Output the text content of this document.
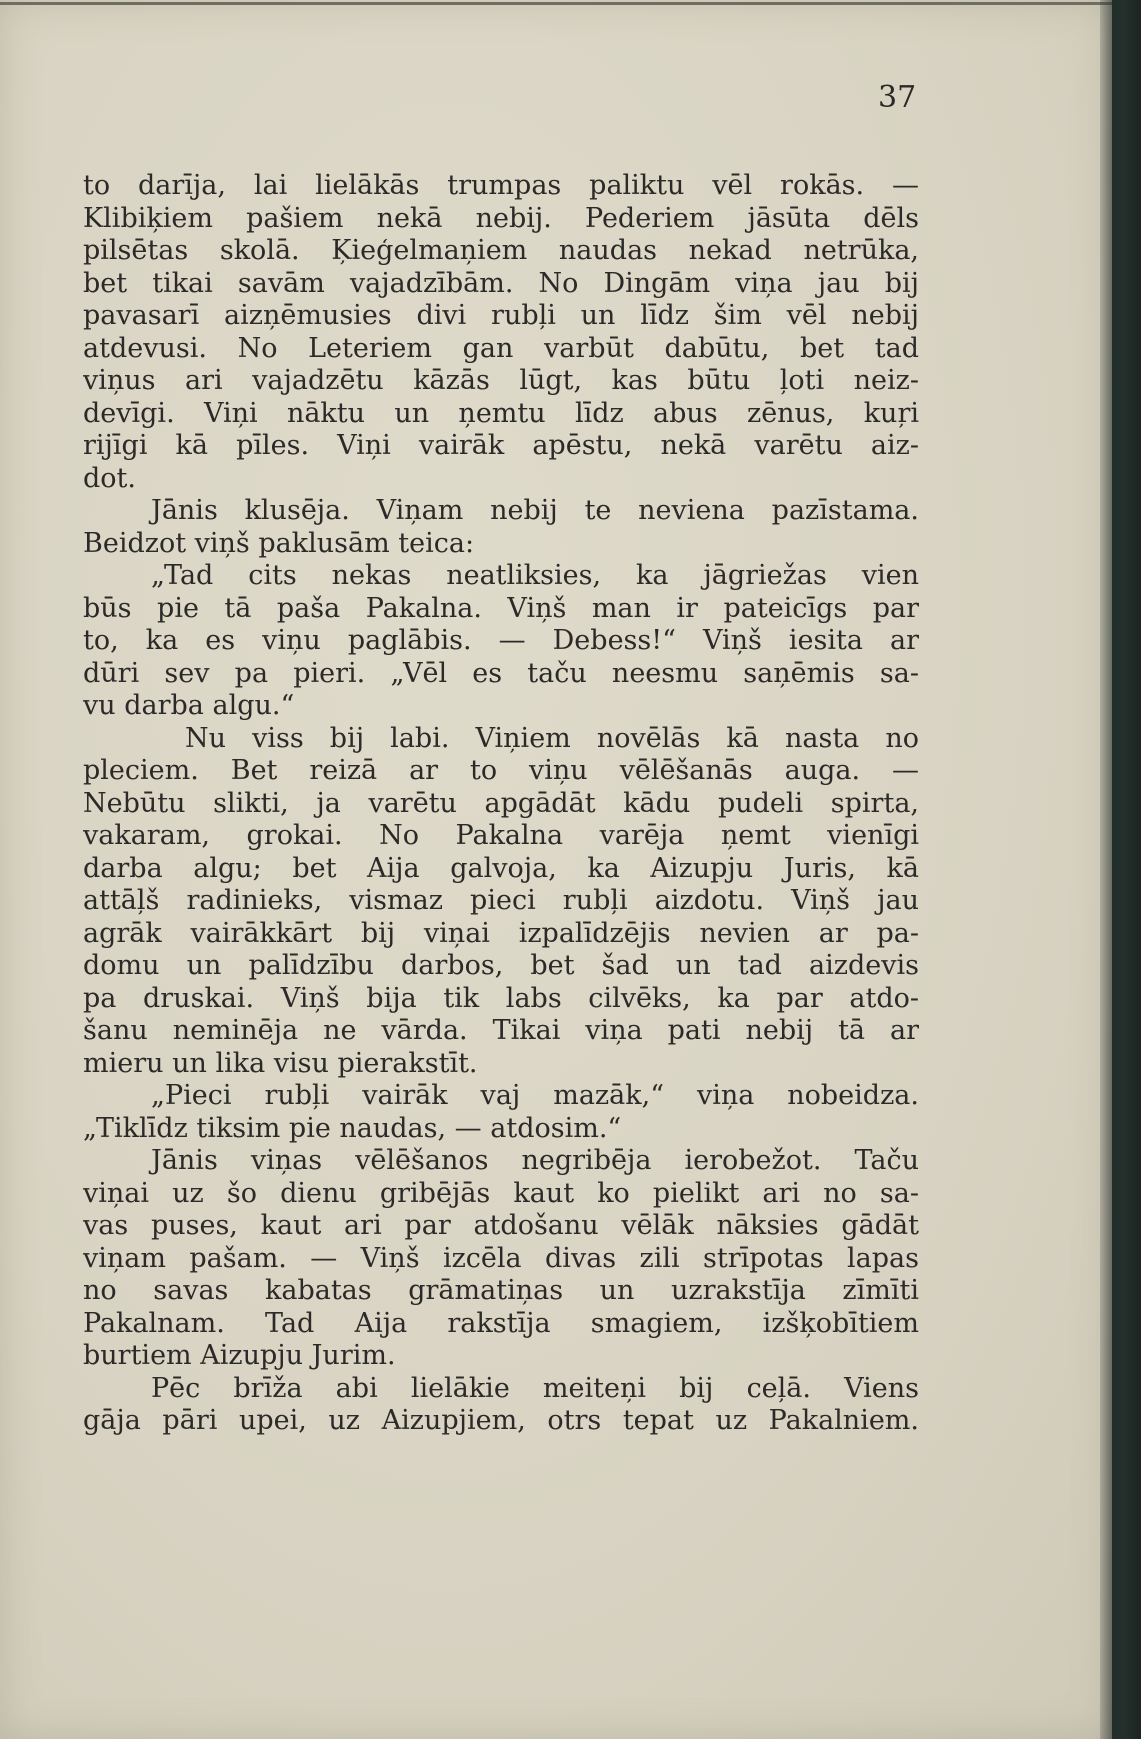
37
to darīja, lai lielākās trumpas paliktu vēl rokās. —
Klibiķiem pašiem nekā nebij. Pederiem jāsūta dēls
pilsētas skolā. Ķieģelmaņiem naudas nekad netrūka,
bet tikai savām vajadzībām. No Dingām viņa jau bij
pavasarī aizņēmusies divi rubļi un līdz šim vēl nebij
atdevusi. No Leteriem gan varbūt dabūtu, bet tad
viņus ari vajadzētu kāzās lūgt, kas būtu ļoti neiz-
devīgi. Viņi nāktu un ņemtu līdz abus zēnus, kuŗi
rijīgi kā pīles. Viņi vairāk apēstu, nekā varētu aiz-
dot.
Jānis klusēja. Viņam nebij te neviena pazīstama.
Beidzot viņš paklusām teica:
„Tad cits nekas neatliksies, ka jāgriežas vien
būs pie tā paša Pakalna. Viņš man ir pateicīgs par
to, ka es viņu paglābis. — Debess!“ Viņš iesita ar
dūri sev pa pieri. „Vēl es taču neesmu saņēmis sa-
vu darba algu.“
Nu viss bij labi. Viņiem novēlās kā nasta no
pleciem. Bet reizā ar to viņu vēlēšanās auga. —
Nebūtu slikti, ja varētu apgādāt kādu pudeli spirta,
vakaram, grokai. No Pakalna varēja ņemt vienīgi
darba algu; bet Aija galvoja, ka Aizupju Juris, kā
attāļš radinieks, vismaz pieci rubļi aizdotu. Viņš jau
agrāk vairākkārt bij viņai izpalīdzējis nevien ar pa-
domu un palīdzību darbos, bet šad un tad aizdevis
pa druskai. Viņš bija tik labs cilvēks, ka par atdo-
šanu neminēja ne vārda. Tikai viņa pati nebij tā ar
mieru un lika visu pierakstīt.
„Pieci rubļi vairāk vaj mazāk,“ viņa nobeidza.
„Tiklīdz tiksim pie naudas, — atdosim.“
Jānis viņas vēlēšanos negribēja ierobežot. Taču
viņai uz šo dienu gribējās kaut ko pielikt ari no sa-
vas puses, kaut ari par atdošanu vēlāk nāksies gādāt
viņam pašam. — Viņš izcēla divas zili strīpotas lapas
no savas kabatas grāmatiņas un uzrakstīja zīmīti
Pakalnam. Tad Aija rakstīja smagiem, izšķobītiem
burtiem Aizupju Jurim.
Pēc brīža abi lielākie meiteņi bij ceļā. Viens
gāja pāri upei, uz Aizupjiem, otrs tepat uz Pakalniem.
